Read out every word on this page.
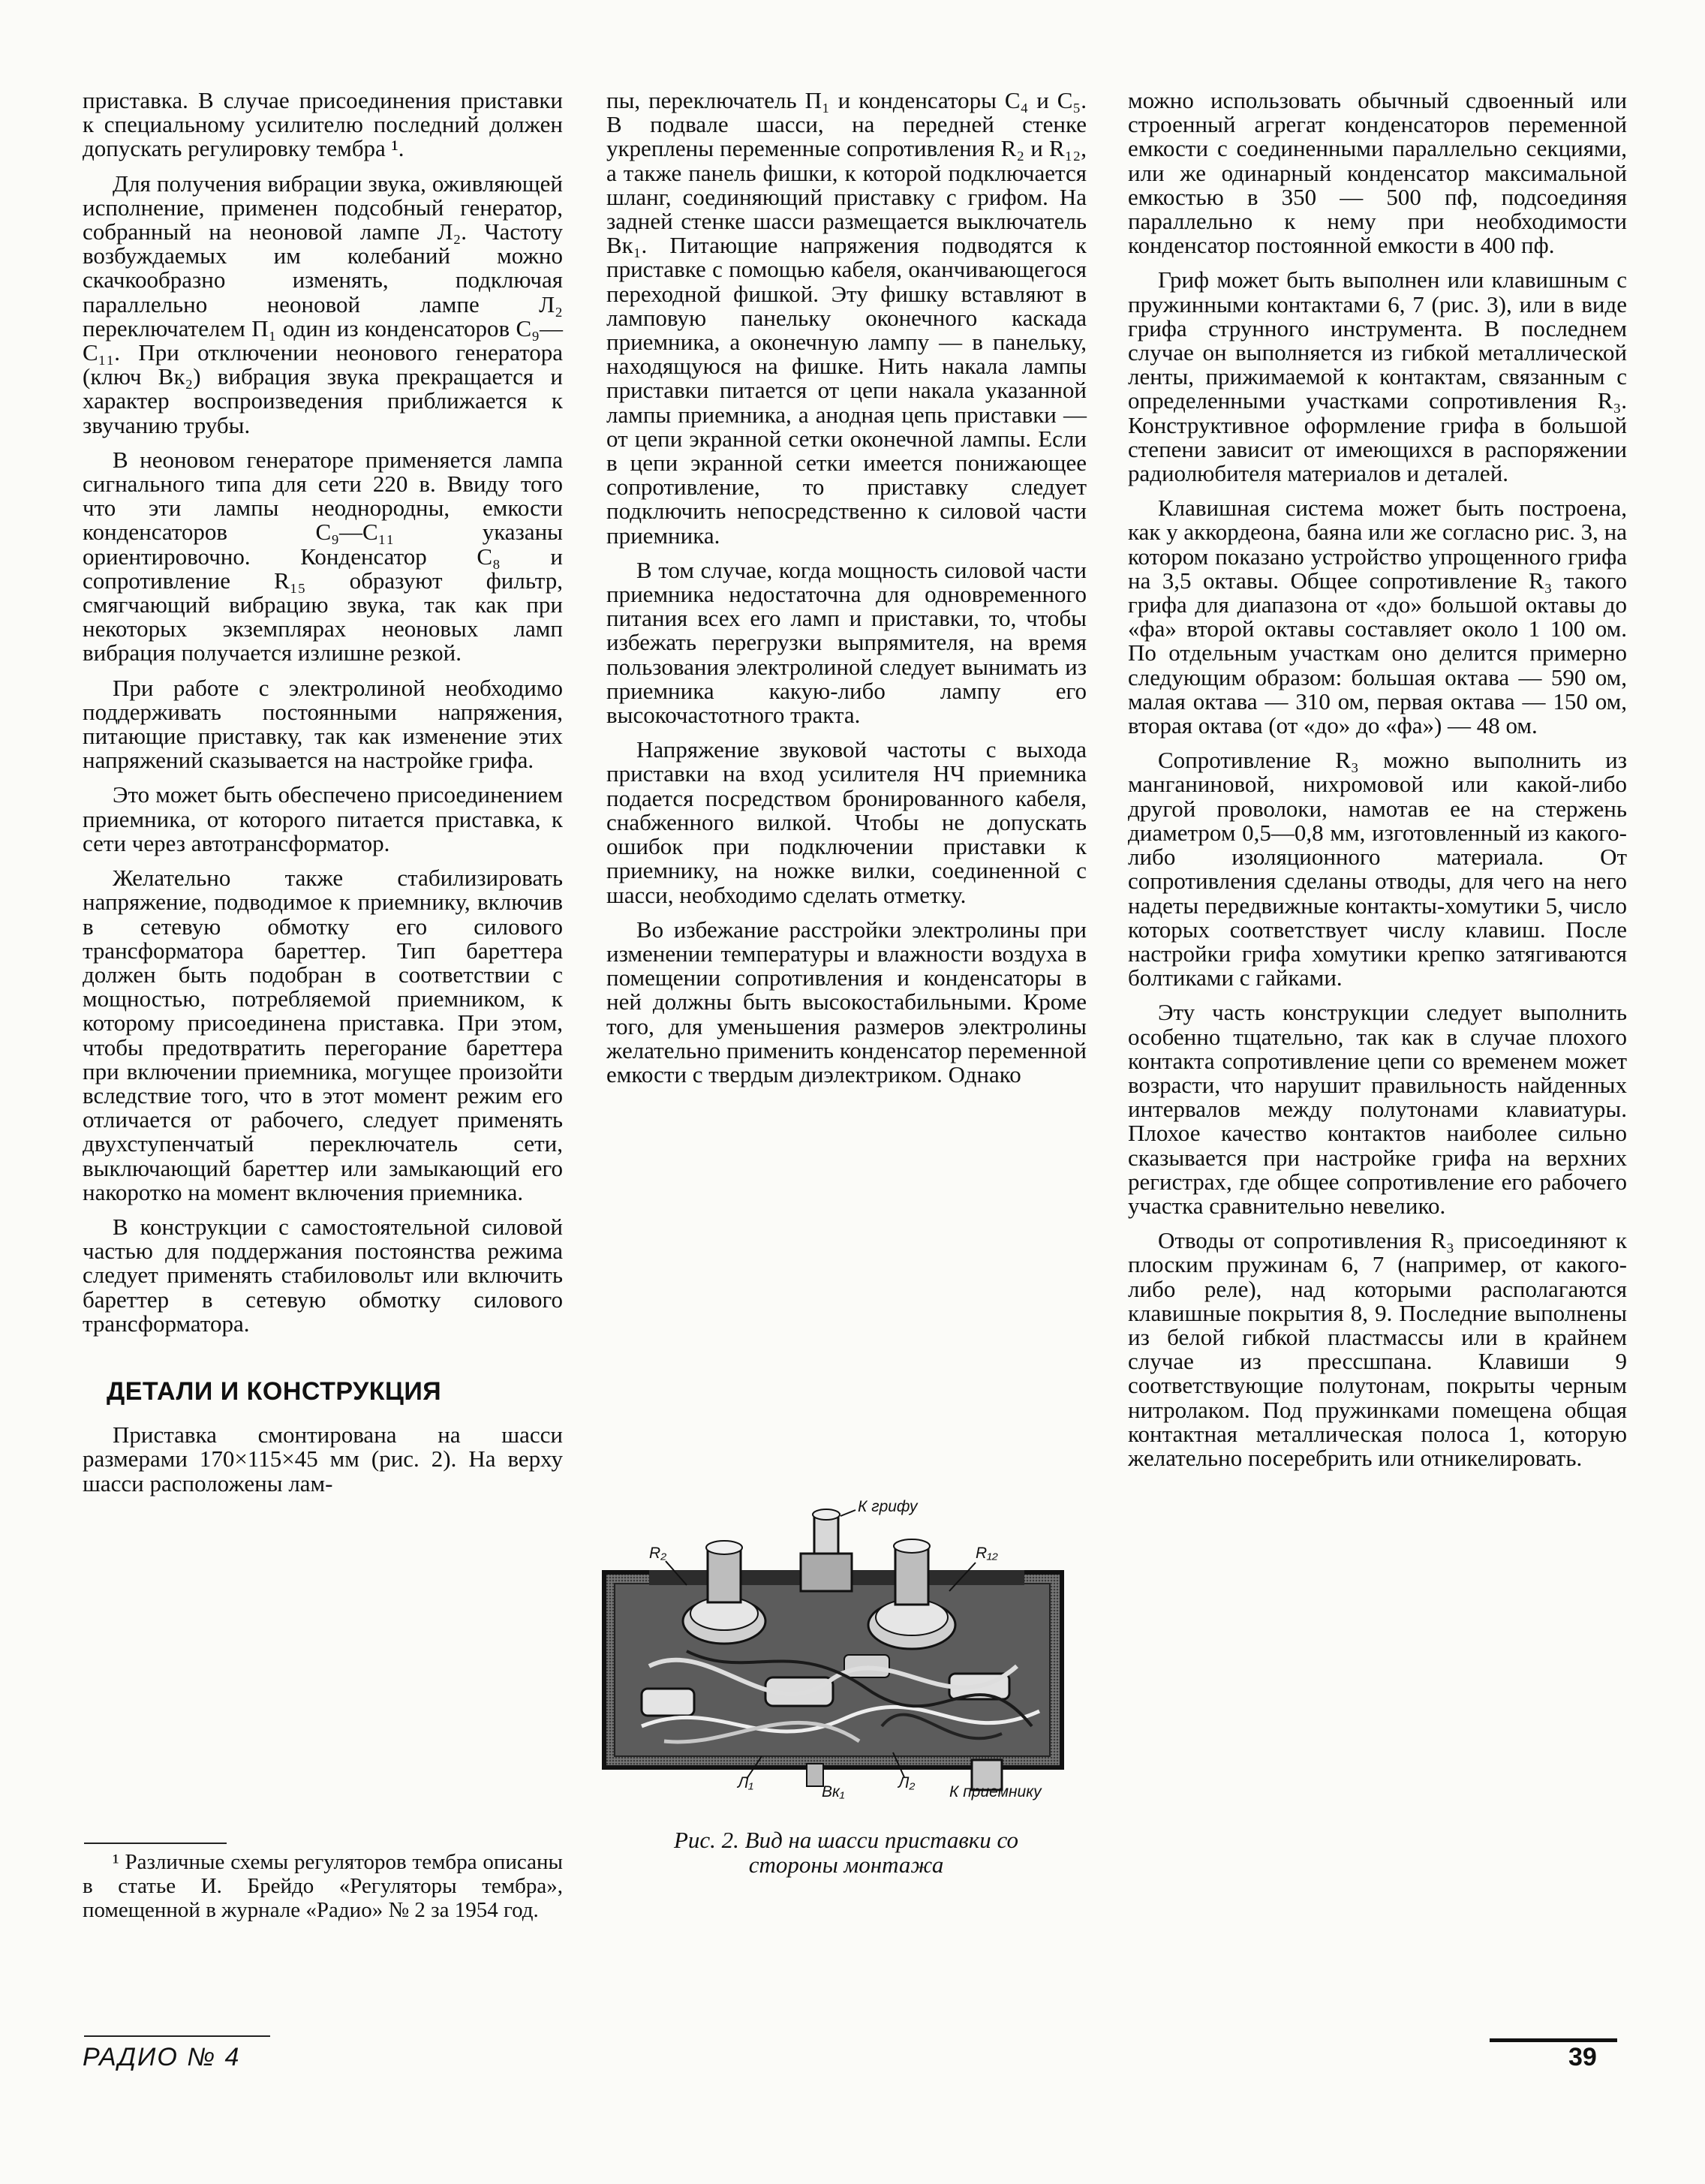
приставка. В случае присоединения приставки к специальному усилителю последний должен допускать регулировку тембра ¹.

Для получения вибрации звука, оживляющей исполнение, применен подсобный генератор, собранный на неоновой лампе Л₂. Частоту возбуждаемых им колебаний можно скачкообразно изменять, подключая параллельно неоновой лампе Л₂ переключателем П₁ один из конденсаторов C₉—C₁₁. При отключении неонового генератора (ключ Вк₂) вибрация звука прекращается и характер воспроизведения приближается к звучанию трубы.

В неоновом генераторе применяется лампа сигнального типа для сети 220 в. Ввиду того что эти лампы неоднородны, емкости конденсаторов C₉—C₁₁ указаны ориентировочно. Конденсатор C₈ и сопротивление R₁₅ образуют фильтр, смягчающий вибрацию звука, так как при некоторых экземплярах неоновых ламп вибрация получается излишне резкой.

При работе с электролиной необходимо поддерживать постоянными напряжения, питающие приставку, так как изменение этих напряжений сказывается на настройке грифа.

Это может быть обеспечено присоединением приемника, от которого питается приставка, к сети через автотрансформатор.

Желательно также стабилизировать напряжение, подводимое к приемнику, включив в сетевую обмотку его силового трансформатора бареттер. Тип бареттера должен быть подобран в соответствии с мощностью, потребляемой приемником, к которому присоединена приставка. При этом, чтобы предотвратить перегорание бареттера при включении приемника, могущее произойти вследствие того, что в этот момент режим его отличается от рабочего, следует применять двухступенчатый переключатель сети, выключающий бареттер или замыкающий его накоротко на момент включения приемника.

В конструкции с самостоятельной силовой частью для поддержания постоянства режима следует применять стабиловольт или включить бареттер в сетевую обмотку силового трансформатора.

ДЕТАЛИ И КОНСТРУКЦИЯ

Приставка смонтирована на шасси размерами 170×115×45 мм (рис. 2). На верху шасси расположены лам-

пы, переключатель П₁ и конденсаторы C₄ и C₅. В подвале шасси, на передней стенке укреплены переменные сопротивления R₂ и R₁₂, а также панель фишки, к которой подключается шланг, соединяющий приставку с грифом. На задней стенке шасси размещается выключатель Вк₁. Питающие напряжения подводятся к приставке с помощью кабеля, оканчивающегося переходной фишкой. Эту фишку вставляют в ламповую панельку оконечного каскада приемника, а оконечную лампу — в панельку, находящуюся на фишке. Нить накала лампы приставки питается от цепи накала указанной лампы приемника, а анодная цепь приставки — от цепи экранной сетки оконечной лампы. Если в цепи экранной сетки имеется понижающее сопротивление, то приставку следует подключить непосредственно к силовой части приемника.

В том случае, когда мощность силовой части приемника недостаточна для одновременного питания всех его ламп и приставки, то, чтобы избежать перегрузки выпрямителя, на время пользования электролиной следует вынимать из приемника какую-либо лампу его высокочастотного тракта.

Напряжение звуковой частоты с выхода приставки на вход усилителя НЧ приемника подается посредством бронированного кабеля, снабженного вилкой. Чтобы не допускать ошибок при подключении приставки к приемнику, на ножке вилки, соединенной с шасси, необходимо сделать отметку.

Во избежание расстройки электролины при изменении температуры и влажности воздуха в помещении сопротивления и конденсаторы в ней должны быть высокостабильными. Кроме того, для уменьшения размеров электролины желательно применить конденсатор переменной емкости с твердым диэлектриком. Однако

можно использовать обычный сдвоенный или строенный агрегат конденсаторов переменной емкости с соединенными параллельно секциями, или же одинарный конденсатор максимальной емкостью в 350 — 500 пф, подсоединяя параллельно к нему при необходимости конденсатор постоянной емкости в 400 пф.

Гриф может быть выполнен или клавишным с пружинными контактами 6, 7 (рис. 3), или в виде грифа струнного инструмента. В последнем случае он выполняется из гибкой металлической ленты, прижимаемой к контактам, связанным с определенными участками сопротивления R₃. Конструктивное оформление грифа в большой степени зависит от имеющихся в распоряжении радиолюбителя материалов и деталей.

Клавишная система может быть построена, как у аккордеона, баяна или же согласно рис. 3, на котором показано устройство упрощенного грифа на 3,5 октавы. Общее сопротивление R₃ такого грифа для диапазона от «до» большой октавы до «фа» второй октавы составляет около 1 100 ом. По отдельным участкам оно делится примерно следующим образом: большая октава — 590 ом, малая октава — 310 ом, первая октава — 150 ом, вторая октава (от «до» до «фа») — 48 ом.

Сопротивление R₃ можно выполнить из манганиновой, нихромовой или какой-либо другой проволоки, намотав ее на стержень диаметром 0,5—0,8 мм, изготовленный из какого-либо изоляционного материала. От сопротивления сделаны отводы, для чего на него надеты передвижные контакты-хомутики 5, число которых соответствует числу клавиш. После настройки грифа хомутики крепко затягиваются болтиками с гайками.

Эту часть конструкции следует выполнить особенно тщательно, так как в случае плохого контакта сопротивление цепи со временем может возрасти, что нарушит правильность найденных интервалов между полутонами клавиатуры. Плохое качество контактов наиболее сильно сказывается при настройке грифа на верхних регистрах, где общее сопротивление его рабочего участка сравнительно невелико.

Отводы от сопротивления R₃ присоединяют к плоским пружинам 6, 7 (например, от какого-либо реле), над которыми располагаются клавишные покрытия 8, 9. Последние выполнены из белой гибкой пластмассы или в крайнем случае из прессшпана. Клавиши 9 соответствующие полутонам, покрыты черным нитролаком. Под пружинками помещена общая контактная металлическая полоса 1, которую желательно посеребрить или отникелировать.

К грифу
R₂	R₁₂
Л₁	Л₂
Вк₁	К приемнику
Рис. 2. Вид на шасси приставки со
стороны монтажа

¹ Различные схемы регуляторов тембра описаны в статье И. Брейдо «Регуляторы тембра», помещенной в журнале «Радио» № 2 за 1954 год.

РАДИО № 4	39
